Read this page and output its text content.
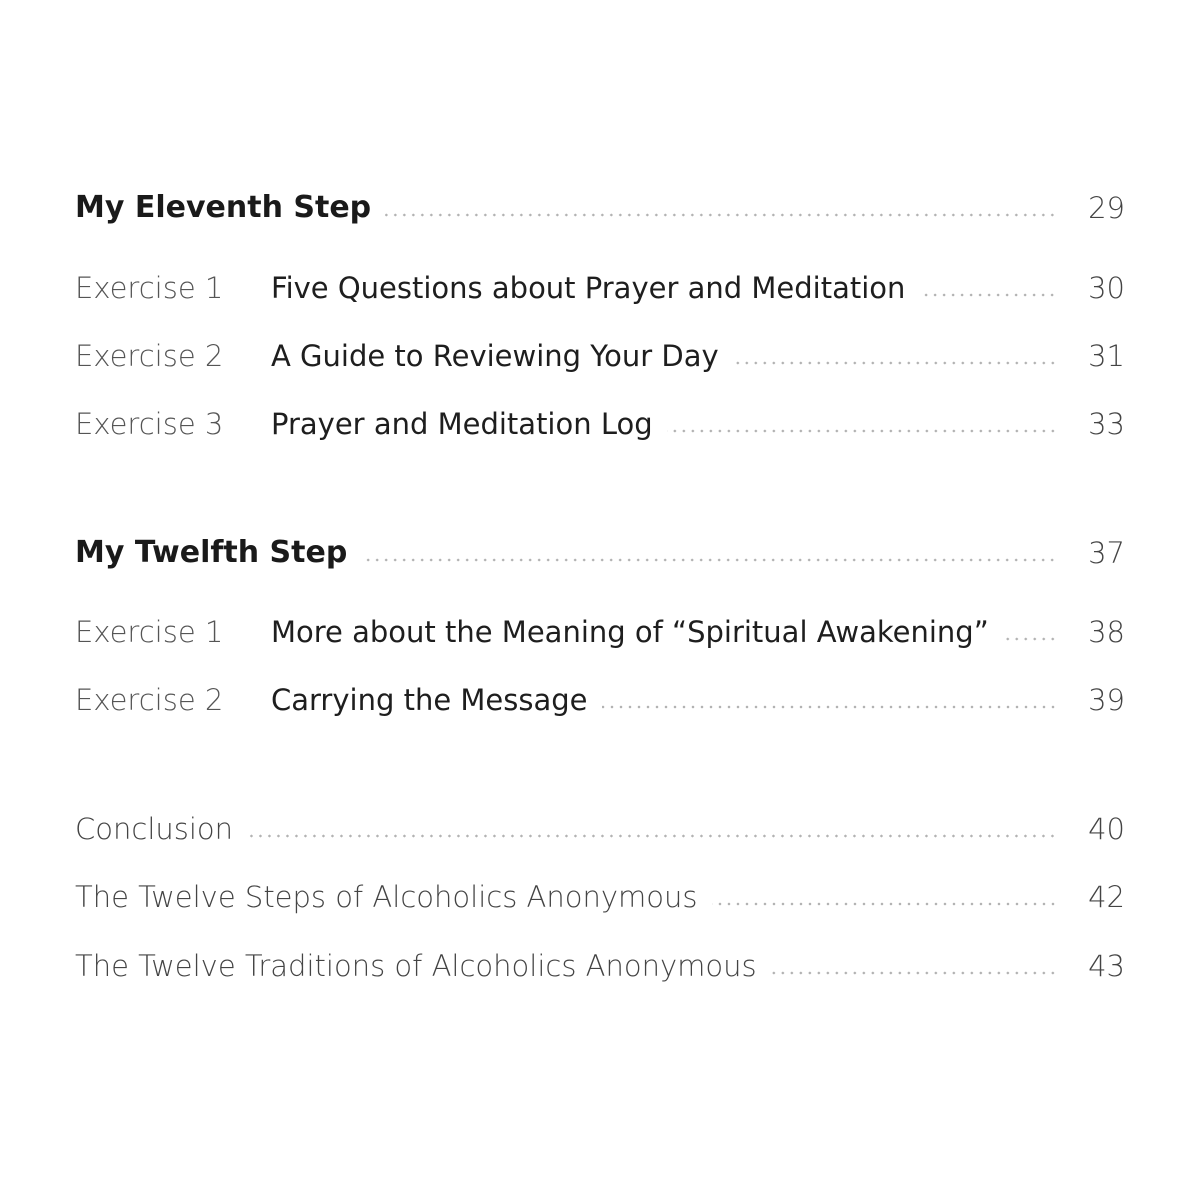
My Eleventh Step	29
Exercise 1	Five Questions about Prayer and Meditation	30
Exercise 2	A Guide to Reviewing Your Day	31
Exercise 3	Prayer and Meditation Log	33
My Twelfth Step	37
Exercise 1	More about the Meaning of “Spiritual Awakening”	38
Exercise 2	Carrying the Message	39
Conclusion	40
The Twelve Steps of Alcoholics Anonymous	42
The Twelve Traditions of Alcoholics Anonymous	43
